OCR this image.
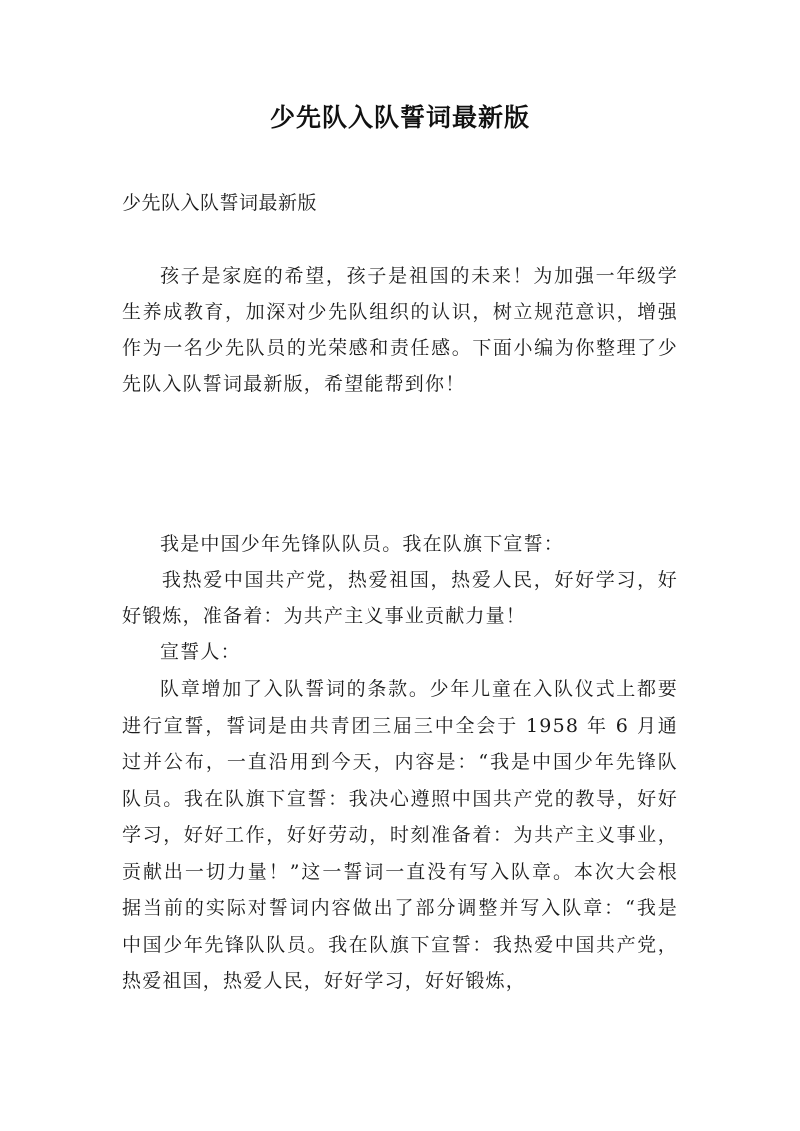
少先队入队誓词最新版
少先队入队誓词最新版

孩子是家庭的希望，孩子是祖国的未来！为加强一年级学生养成教育，加深对少先队组织的认识，树立规范意识，增强作为一名少先队员的光荣感和责任感。下面小编为你整理了少先队入队誓词最新版，希望能帮到你！

我是中国少年先锋队队员。我在队旗下宣誓：

我热爱中国共产党，热爱祖国，热爱人民，好好学习，好好锻炼，准备着：为共产主义事业贡献力量！

宣誓人：

队章增加了入队誓词的条款。少年儿童在入队仪式上都要进行宣誓，誓词是由共青团三届三中全会于 1958 年 6 月通过并公布，一直沿用到今天，内容是：“我是中国少年先锋队队员。我在队旗下宣誓：我决心遵照中国共产党的教导，好好学习，好好工作，好好劳动，时刻准备着：为共产主义事业，贡献出一切力量！”这一誓词一直没有写入队章。本次大会根据当前的实际对誓词内容做出了部分调整并写入队章：“我是中国少年先锋队队员。我在队旗下宣誓：我热爱中国共产党，热爱祖国，热爱人民，好好学习，好好锻炼，
